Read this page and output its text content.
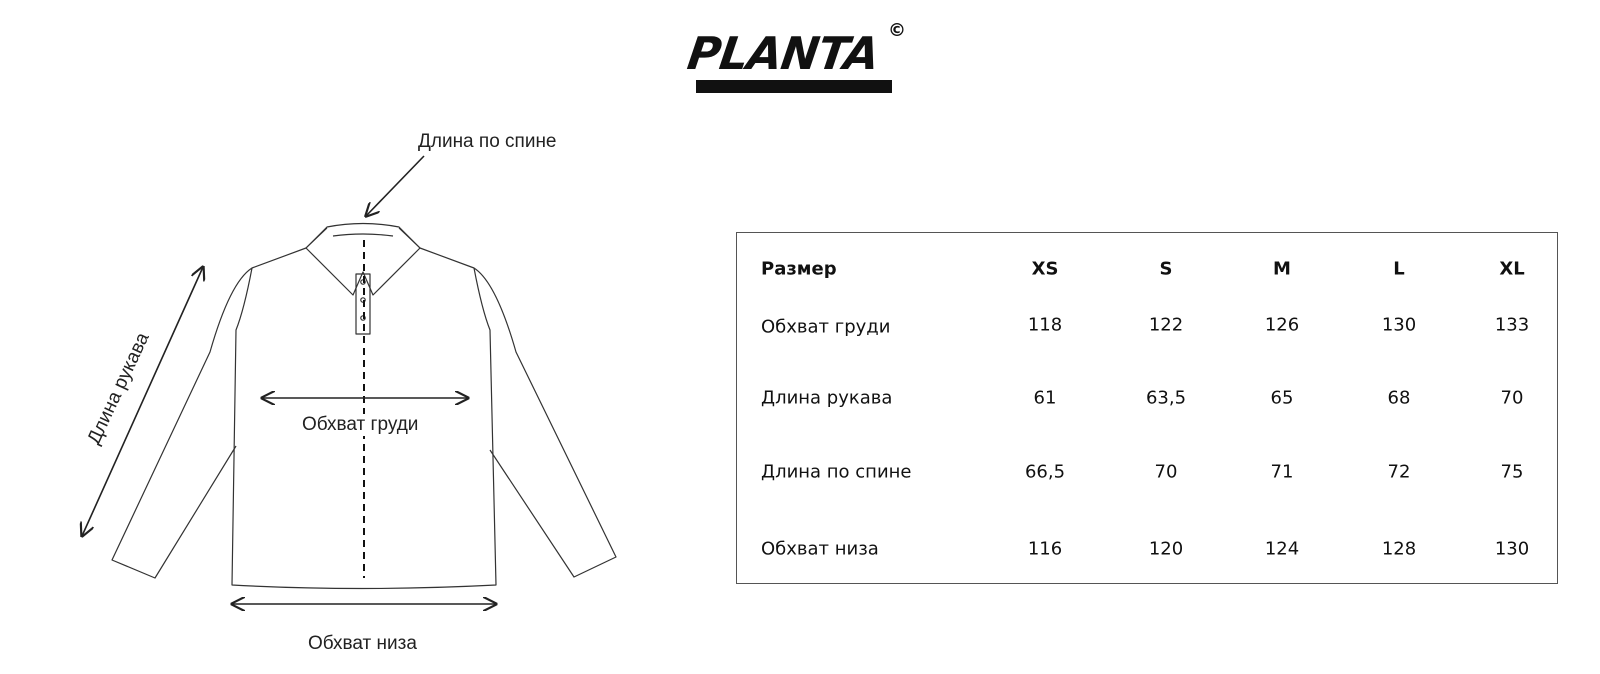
PLANTA ©
Длина по спине
Обхват груди
Обхват низа
Длина рукава
Размер	XS	S	M	L	XL
Обхват груди	118	122	126	130	133
Длина рукава	61	63,5	65	68	70
Длина по спине	66,5	70	71	72	75
Обхват низа	116	120	124	128	130
